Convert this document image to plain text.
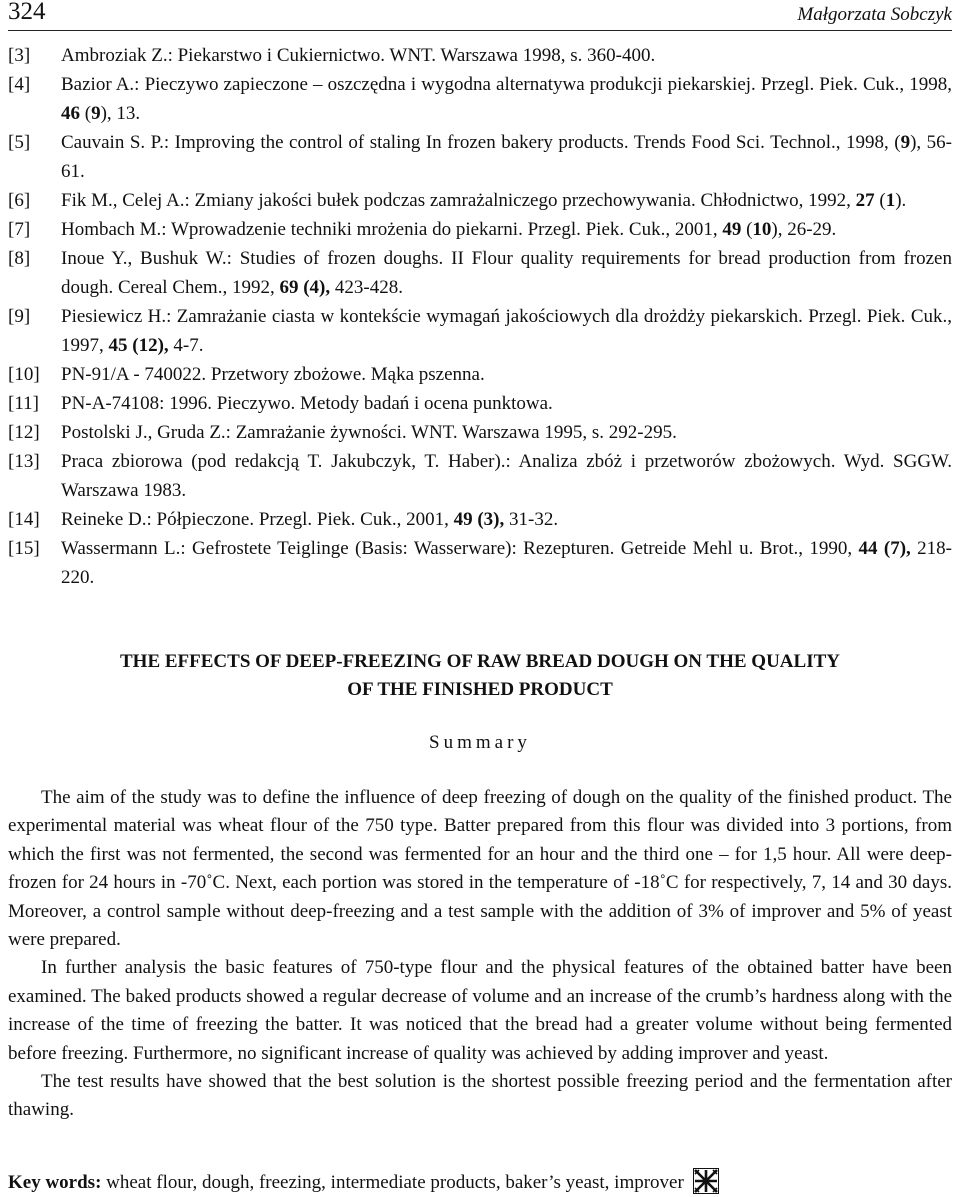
324	Małgorzata Sobczyk
[3] Ambroziak Z.: Piekarstwo i Cukiernictwo. WNT. Warszawa 1998, s. 360-400.
[4] Bazior A.: Pieczywo zapieczone – oszczędna i wygodna alternatywa produkcji piekarskiej. Przegl. Piek. Cuk., 1998, 46 (9), 13.
[5] Cauvain S. P.: Improving the control of staling In frozen bakery products. Trends Food Sci. Technol., 1998, (9), 56-61.
[6] Fik M., Celej A.: Zmiany jakości bułek podczas zamrażalniczego przechowywania. Chłodnictwo, 1992, 27 (1).
[7] Hombach M.: Wprowadzenie techniki mrożenia do piekarni. Przegl. Piek. Cuk., 2001, 49 (10), 26-29.
[8] Inoue Y., Bushuk W.: Studies of frozen doughs. II Flour quality requirements for bread production from frozen dough. Cereal Chem., 1992, 69 (4), 423-428.
[9] Piesiewicz H.: Zamrażanie ciasta w kontekście wymagań jakościowych dla drożdży piekarskich. Przegl. Piek. Cuk., 1997, 45 (12), 4-7.
[10] PN-91/A - 740022. Przetwory zbożowe. Mąka pszenna.
[11] PN-A-74108: 1996. Pieczywo. Metody badań i ocena punktowa.
[12] Postolski J., Gruda Z.: Zamrażanie żywności. WNT. Warszawa 1995, s. 292-295.
[13] Praca zbiorowa (pod redakcją T. Jakubczyk, T. Haber).: Analiza zbóż i przetworów zbożowych. Wyd. SGGW. Warszawa 1983.
[14] Reineke D.: Półpieczone. Przegl. Piek. Cuk., 2001, 49 (3), 31-32.
[15] Wassermann L.: Gefrostete Teiglinge (Basis: Wasserware): Rezepturen. Getreide Mehl u. Brot., 1990, 44 (7), 218-220.
THE EFFECTS OF DEEP-FREEZING OF RAW BREAD DOUGH ON THE QUALITY
OF THE FINISHED PRODUCT
Summary

The aim of the study was to define the influence of deep freezing of dough on the quality of the finished product. The experimental material was wheat flour of the 750 type. Batter prepared from this flour was divided into 3 portions, from which the first was not fermented, the second was fermented for an hour and the third one – for 1,5 hour. All were deep-frozen for 24 hours in -70˚C. Next, each portion was stored in the temperature of -18˚C for respectively, 7, 14 and 30 days. Moreover, a control sample without deep-freezing and a test sample with the addition of 3% of improver and 5% of yeast were prepared.

In further analysis the basic features of 750-type flour and the physical features of the obtained batter have been examined. The baked products showed a regular decrease of volume and an increase of the crumb’s hardness along with the increase of the time of freezing the batter. It was noticed that the bread had a greater volume without being fermented before freezing. Furthermore, no significant increase of quality was achieved by adding improver and yeast.

The test results have showed that the best solution is the shortest possible freezing period and the fermentation after thawing.

Key words: wheat flour, dough, freezing, intermediate products, baker’s yeast, improver
